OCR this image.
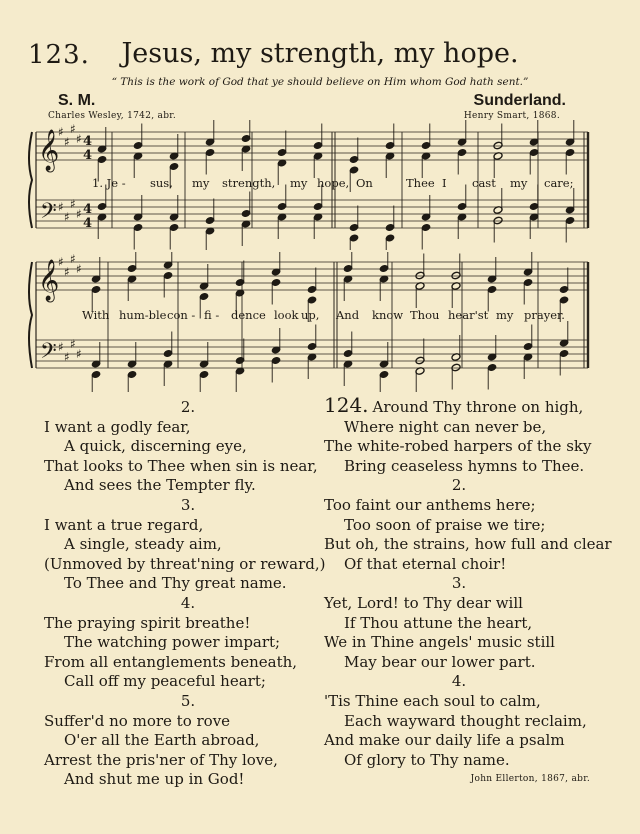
123.	Jesus, my strength, my hope.
“ This is the work of God that ye should believe on Him whom God hath sent.”
S. M.	Sunderland.
Charles Wesley, 1742, abr.	Henry Smart, 1868.
𝄞
𝄢
♯
♯
♯
♯
♯
♯
♯
♯
4
4
4
4
𝄞
𝄢
♯
♯
♯
♯
♯
♯
♯
♯
1. Je - sus, my strength, my hope, On	Thee I cast my care;
With hum-ble con - fi - dence look up, And know Thou hear'st my prayer.
2.
I want a godly fear,
A quick, discerning eye,
That looks to Thee when sin is near,
And sees the Tempter fly.
3.
I want a true regard,
A single, steady aim,
(Unmoved by threat'ning or reward,)
To Thee and Thy great name.
4.
The praying spirit breathe!
The watching power impart;
From all entanglements beneath,
Call off my peaceful heart;
5.
Suffer'd no more to rove
O'er all the Earth abroad,
Arrest the pris'ner of Thy love,
And shut me up in God!
124. Around Thy throne on high,
Where night can never be,
The white-robed harpers of the sky
Bring ceaseless hymns to Thee.
2.
Too faint our anthems here;
Too soon of praise we tire;
But oh, the strains, how full and clear
Of that eternal choir!
3.
Yet, Lord! to Thy dear will
If Thou attune the heart,
We in Thine angels' music still
May bear our lower part.
4.
'Tis Thine each soul to calm,
Each wayward thought reclaim,
And make our daily life a psalm
Of glory to Thy name.
John Ellerton, 1867, abr.
